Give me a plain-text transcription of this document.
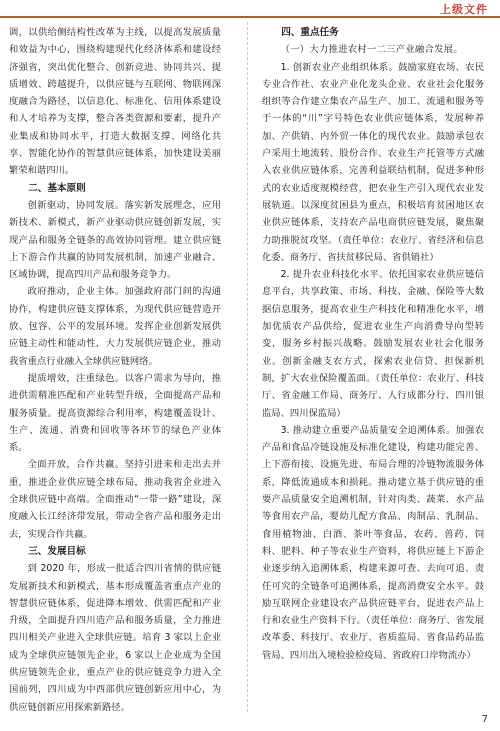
上级文件

调，以供给侧结构性改革为主线，以提高发展质量和效益为中心，围绕构建现代化经济体系和建设经济强省，突出优化整合、创新竞进、协同共兴、提质增效、跨越提升，以供应链与互联网、物联网深度融合为路径，以信息化、标准化、信用体系建设和人才培养为支撑，整合各类资源和要素，提升产业集成和协同水平，打造大数据支撑、网络化共享、智能化协作的智慧供应链体系，加快建设美丽繁荣和谐四川。

二、基本原则

创新驱动，协同发展。落实新发展理念，应用新技术、新模式，新产业驱动供应链创新发展，实现产品和服务全链条的高效协同管理。建立供应链上下游合作共赢的协同发展机制，加速产业融合、区域协调，提高四川产品和服务竞争力。

政府推动，企业主体。加强政府部门间的沟通协作，构建供应链支撑体系，为现代供应链营造开放、包容、公平的发展环境。发挥企业创新发展供应链主动性和能动性，大力发展供应链企业，推动我省重点行业融入全球供应链网络。

提质增效，注重绿色。以客户需求为导向，推进供需精准匹配和产业转型升级，全面提高产品和服务质量。提高资源综合利用率，构建覆盖设计、生产、流通、消费和回收等各环节的绿色产业体系。

全面开放，合作共赢。坚持引进来和走出去并重，推进企业供应链全球布局，推动我省企业进入全球供应链中高端。全面推动“一带一路”建设，深度融入长江经济带发展，带动全省产品和服务走出去，实现合作共赢。

三、发展目标

到 2020 年，形成一批适合四川省情的供应链发展新技术和新模式，基本形成覆盖省重点产业的智慧供应链体系，促进降本增效、供需匹配和产业升级，全面提升四川造产品和服务质量，全力推进四川相关产业进入全球供应链。培育 3 家以上企业成为全球供应链领先企业，6 家以上企业成为全国供应链领先企业，重点产业的供应链竞争力进入全国前列，四川成为中西部供应链创新应用中心，为供应链创新应用探索新路径。

四、重点任务
（一）大力推进农村一二三产业融合发展。

1. 创新农业产业组织体系。鼓励家庭农场、农民专业合作社、农业产业化龙头企业、农业社会化服务组织等合作建立集农产品生产、加工、流通和服务等于一体的“川”字号特色农业供应链体系，发展种养加、产供销、内外贸一体化的现代农业。鼓励承包农户采用土地流转、股份合作、农业生产托管等方式融入农业供应链体系，完善利益联结机制，促进多种形式的农业适度规模经营，把农业生产引入现代农业发展轨道。以深度贫困县为重点，积极培育贫困地区农业供应链体系，支持农产品电商供应链发展，聚焦聚力助推脱贫攻坚。（责任单位：农业厅、省经济和信息化委、商务厅、省扶贫移民局、省供销社）

2. 提升农业科技化水平。依托国家农业供应链信息平台，共享政策、市场、科技、金融、保险等大数据信息服务，提高农业生产科技化和精准化水平，增加优质农产品供给，促进农业生产向消费导向型转变，服务乡村振兴战略。鼓励发展农业社会化服务业。创新金融支农方式，探索农业信贷、担保新机制，扩大农业保险覆盖面。（责任单位：农业厅、科技厅、省金融工作局、商务厅、人行成都分行、四川银监局、四川保监局）

3. 推动建立重要产品质量安全追溯体系。加强农产品和食品冷链设施及标准化建设，构建功能完善、上下游衔接、设施先进、布局合理的冷链物流服务体系，降低流通成本和损耗。推动建立基于供应链的重要产品质量安全追溯机制，针对肉类、蔬菜、水产品等食用农产品，婴幼儿配方食品、肉制品、乳制品、食用植物油、白酒、茶叶等食品，农药、兽药、饲料、肥料、种子等农业生产资料，将供应链上下游企业逐步纳入追溯体系，构建来源可查、去向可追、责任可究的全链条可追溯体系，提高消费安全水平。鼓励互联网企业建设农产品供应链平台，促进农产品上行和农业生产资料下行。（责任单位：商务厅、省发展改革委、科技厅、农业厅、省质监局、省食品药品监管局、四川出入境检验检疫局、省政府口岸物流办）

7
